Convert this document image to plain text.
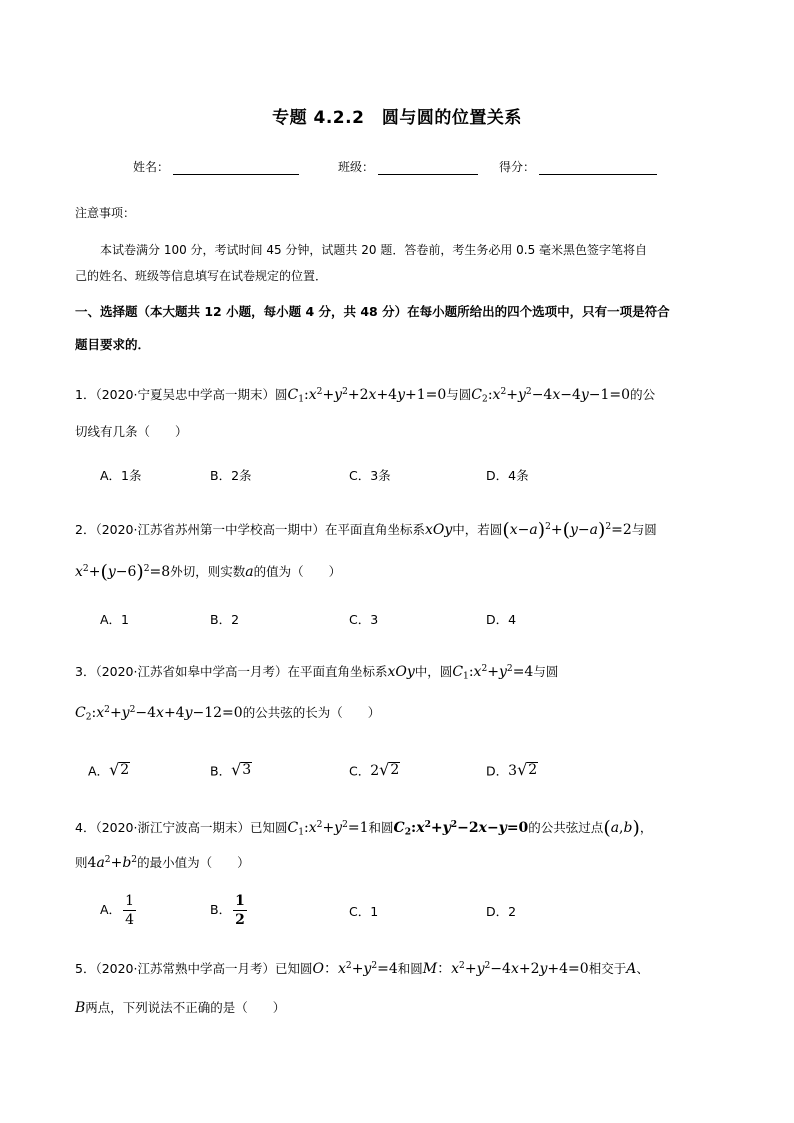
专题 4.2.2　圆与圆的位置关系
姓名：	班级：	得分：
注意事项：
本试卷满分 100 分，考试时间 45 分钟，试题共 20 题．答卷前，考生务必用 0.5 毫米黑色签字笔将自
己的姓名、班级等信息填写在试卷规定的位置．
一、选择题（本大题共 12 小题，每小题 4 分，共 48 分）在每小题所给出的四个选项中，只有一项是符合
题目要求的．
1．（2020·宁夏吴忠中学高一期末）圆$C_1:x^2+y^2+2x+4y+1=0$与圆$C_2:x^2+y^2-4x-4y-1=0$的公
切线有几条（　　）
A．1条	B．2条	C．3条	D．4条
2．（2020·江苏省苏州第一中学校高一期中）在平面直角坐标系xOy中，若圆$(x-a)^2+(y-a)^2=2$与圆
$x^2+(y-6)^2=8$外切，则实数a的值为（　　）
A．1	B．2	C．3	D．4
3．（2020·江苏省如皋中学高一月考）在平面直角坐标系xOy中，圆$C_1:x^2+y^2=4$与圆
$C_2:x^2+y^2-4x+4y-12=0$的公共弦的长为（　　）
A． √ 2	B． √ 3	C．2 √ 2	D．3 √ 2
4．（2020·浙江宁波高一期末）已知圆$C_1:x^2+y^2=1$和圆$C_2:x^2+y^2-2x-y=0$的公共弦过点(a,b)，
则$4a^2+b^2$的最小值为（　　）
A． $\frac{1}{4}$	B． $\frac{1}{2}$	C．1	D．2
5．（2020·江苏常熟中学高一月考）已知圆O：$x^2+y^2=4$和圆M：$x^2+y^2-4x+2y+4=0$相交于A、
B两点，下列说法不正确的是（　　）
